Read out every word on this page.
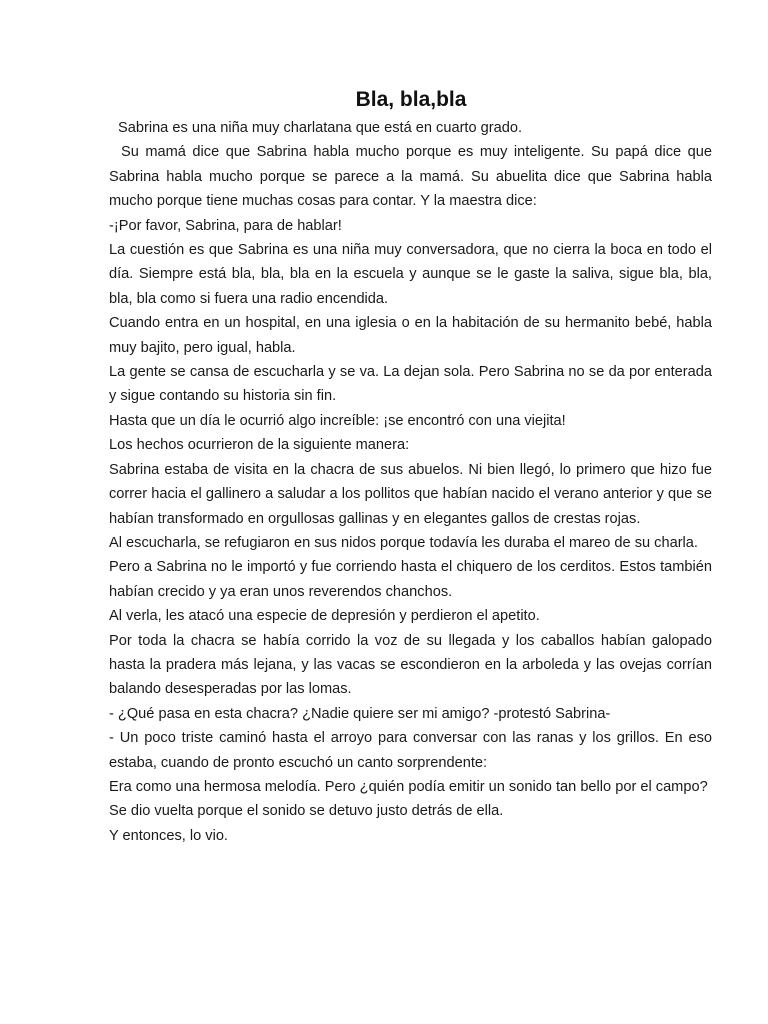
Bla, bla,bla

Sabrina es una niña muy charlatana que está en cuarto grado.

Su mamá dice que Sabrina habla mucho porque es muy inteligente. Su papá dice que Sabrina habla mucho porque se parece a la mamá. Su abuelita dice que Sabrina habla mucho porque tiene muchas cosas para contar. Y la maestra dice:

-¡Por favor, Sabrina, para de hablar!

La cuestión es que Sabrina es una niña muy conversadora, que no cierra la boca en todo el día. Siempre está bla, bla, bla en la escuela y aunque se le gaste la saliva, sigue bla, bla, bla, bla como si fuera una radio encendida.

Cuando entra en un hospital, en una iglesia o en la habitación de su hermanito bebé, habla muy bajito, pero igual, habla.

La gente se cansa de escucharla y se va. La dejan sola. Pero Sabrina no se da por enterada y sigue contando su historia sin fin.

Hasta que un día le ocurrió algo increíble: ¡se encontró con una viejita!

Los hechos ocurrieron de la siguiente manera:

Sabrina estaba de visita en la chacra de sus abuelos. Ni bien llegó, lo primero que hizo fue correr hacia el gallinero a saludar a los pollitos que habían nacido el verano anterior y que se habían transformado en orgullosas gallinas y en elegantes gallos de crestas rojas.

Al escucharla, se refugiaron en sus nidos porque todavía les duraba el mareo de su charla.

Pero a Sabrina no le importó y fue corriendo hasta el chiquero de los cerditos. Estos también habían crecido y ya eran unos reverendos chanchos.

Al verla, les atacó una especie de depresión y perdieron el apetito.

Por toda la chacra se había corrido la voz de su llegada y los caballos habían galopado hasta la pradera más lejana, y las vacas se escondieron en la arboleda y las ovejas corrían balando desesperadas por las lomas.

- ¿Qué pasa en esta chacra? ¿Nadie quiere ser mi amigo? -protestó Sabrina-

- Un poco triste caminó hasta el arroyo para conversar con las ranas y los grillos. En eso estaba, cuando de pronto escuchó un canto sorprendente:

Era como una hermosa melodía. Pero ¿quién podía emitir un sonido tan bello por el campo?

Se dio vuelta porque el sonido se detuvo justo detrás de ella.

Y entonces, lo vio.
